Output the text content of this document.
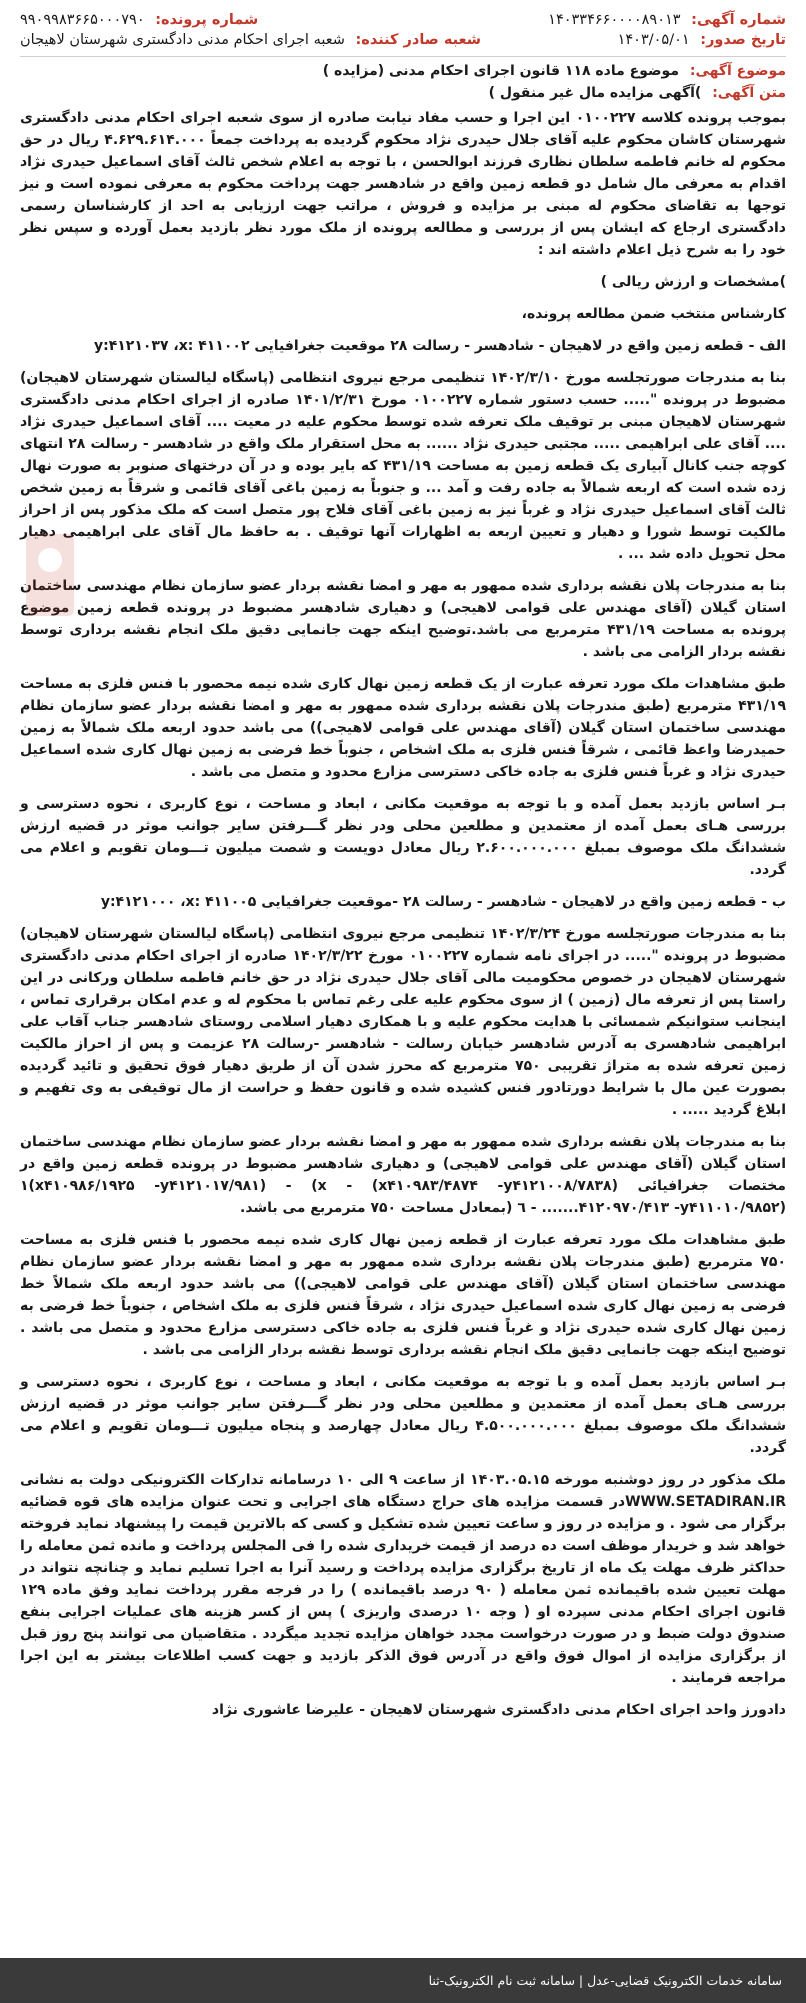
شماره آگهی: ۱۴۰۳۳۴۶۶۰۰۰۰۸۹۰۱۳
شماره پرونده: ۹۹۰۹۹۸۳۶۶۵۰۰۰۷۹۰
تاریخ صدور: ۱۴۰۳/۰۵/۰۱
شعبه صادر کننده: شعبه اجرای احکام مدنی دادگستری شهرستان لاهیجان
موضوع آگهی: موضوع ماده ۱۱۸ قانون اجرای احکام مدنی (مزایده )
متن آگهی: )آگهی مزایده مال غیر منقول )

بموجب پرونده کلاسه ۰۱۰۰۲۲۷ این اجرا و حسب مفاد نیابت صادره از سوی شعبه اجرای احکام مدنی دادگستری شهرستان کاشان محکوم علیه آقای جلال حیدری نژاد محکوم گردیده به پرداخت جمعاً ۴.۶۲۹.۶۱۴.۰۰۰ ریال در حق محکوم له خانم فاطمه سلطان نظاری فرزند ابوالحسن ، با توجه به اعلام شخص ثالث آقای اسماعیل حیدری نژاد اقدام به معرفی مال شامل دو قطعه زمین واقع در شادهسر جهت پرداخت محکوم به معرفی نموده است و نیز توجها به تقاضای محکوم له مبنی بر مزایده و فروش ، مراتب جهت ارزیابی به احد از کارشناسان رسمی دادگستری ارجاع که ایشان پس از بررسی و مطالعه پرونده از ملک مورد نظر بازدید بعمل آورده و سپس نظر خود را به شرح ذیل اعلام داشته اند :

)مشخصات و ارزش ریالی )

کارشناس منتخب ضمن مطالعه پرونده،

الف - قطعه زمین واقع در لاهیجان - شادهسر - رسالت ۲۸ موقعیت جغرافیایی y:۴۱۲۱۰۳۷ ،x: ۴۱۱۰۰۲

بنا به مندرجات صورتجلسه مورخ ۱۴۰۲/۳/۱۰ تنظیمی مرجع نیروی انتظامی (پاسگاه لیالستان شهرستان لاهیجان) مضبوط در پرونده "..... حسب دستور شماره ۰۱۰۰۲۲۷ مورخ ۱۴۰۱/۲/۳۱ صادره از اجرای احکام مدنی دادگستری شهرستان لاهیجان مبنی بر توقیف ملک تعرفه شده توسط محکوم علیه در معیت .... آقای اسماعیل حیدری نژاد .... آقای علی ابراهیمی ..... مجتبی حیدری نژاد ...... به محل استقرار ملک واقع در شادهسر - رسالت ۲۸ انتهای کوچه جنب کانال آبیاری یک قطعه زمین به مساحت ۴۳۱/۱۹ که بایر بوده و در آن درختهای صنوبر به صورت نهال زده شده است که اربعه شمالاً به جاده رفت و آمد ... و جنوباً به زمین باغی آقای قائمی و شرقاً به زمین شخص ثالث آقای اسماعیل حیدری نژاد و غرباً نیز به زمین باغی آقای فلاح پور متصل است که ملک مذکور پس از احراز مالکیت توسط شورا و دهیار و تعیین اربعه به اظهارات آنها توقیف . به حافظ مال آقای علی ابراهیمی دهیار محل تحویل داده شد ... .

بنا به مندرجات پلان نقشه برداری شده ممهور به مهر و امضا نقشه بردار عضو سازمان نظام مهندسی ساختمان استان گیلان (آقای مهندس علی قوامی لاهیجی) و دهیاری شادهسر مضبوط در پرونده قطعه زمین موضوع پرونده به مساحت ۴۳۱/۱۹ مترمربع می باشد.توضیح اینکه جهت جانمایی دقیق ملک انجام نقشه برداری توسط نقشه بردار الزامی می باشد .

طبق مشاهدات ملک مورد تعرفه عبارت از یک قطعه زمین نهال کاری شده نیمه محصور با فنس فلزی به مساحت ۴۳۱/۱۹ مترمربع (طبق مندرجات پلان نقشه برداری شده ممهور به مهر و امضا نقشه بردار عضو سازمان نظام مهندسی ساختمان استان گیلان (آقای مهندس علی قوامی لاهیجی)) می باشد حدود اربعه ملک شمالاً به زمین حمیدرضا واعظ قائمی ، شرقاً فنس فلزی به ملک اشخاص ، جنوباً خط فرضی به زمین نهال کاری شده اسماعیل حیدری نژاد و غرباً فنس فلزی به جاده خاکی دسترسی مزارع محدود و متصل می باشد .

بـر اساس بازدید بعمل آمده و با توجه به موقعیت مکانی ، ابعاد و مساحت ، نوع کاربری ، نحوه دسترسی و بررسی هـای بعمل آمده از معتمدین و مطلعین محلی ودر نظر گـــرفتن سایر جوانب موثر در قضیه ارزش ششدانگ ملک موصوف بمبلغ ۲.۶۰۰.۰۰۰.۰۰۰ ریال معادل دویست و شصت میلیون تـــومان تقویم و اعلام می گردد.

ب - قطعه زمین واقع در لاهیجان - شادهسر - رسالت ۲۸ -موقعیت جغرافیایی y:۴۱۲۱۰۰۰ ،x: ۴۱۱۰۰۵

بنا به مندرجات صورتجلسه مورخ ۱۴۰۲/۳/۲۴ تنظیمی مرجع نیروی انتظامی (پاسگاه لیالستان شهرستان لاهیجان) مضبوط در پرونده "..... در اجرای نامه شماره ۰۱۰۰۲۲۷ مورخ ۱۴۰۲/۳/۲۲ صادره از اجرای احکام مدنی دادگستری شهرستان لاهیجان در خصوص محکومیت مالی آقای جلال حیدری نژاد در حق خانم فاطمه سلطان ورکانی در این راستا پس از تعرفه مال (زمین ) از سوی محکوم علیه علی رغم تماس با محکوم له و عدم امکان برقراری تماس ، اینجانب ستوانیکم شمسائی با هدایت محکوم علیه و با همکاری دهیار اسلامی روستای شادهسر جناب آقاب علی ابراهیمی شادهسری به آدرس شادهسر خیابان رسالت - شادهسر -رسالت ۲۸ عزیمت و پس از احراز مالکیت زمین تعرفه شده به متراژ تقریبی ۷۵۰ مترمربع که محرز شدن آن از طریق دهیار فوق تحقیق و تائید گردیده بصورت عین مال با شرایط دورتادور فنس کشیده شده و قانون حفظ و حراست از مال توقیفی به وی تفهیم و ابلاغ گردید ..... .

بنا به مندرجات پلان نقشه برداری شده ممهور به مهر و امضا نقشه بردار عضو سازمان نظام مهندسی ساختمان استان گیلان (آقای مهندس علی قوامی لاهیجی) و دهیاری شادهسر مضبوط در پرونده قطعه زمین واقع در مختصات جغرافیائی (x۴۱۰۹۸۳/۴۸۷۴ -y۴۱۲۱۰۰۸/۷۸۳۸) - ۱(x۴۱۰۹۸۶/۱۹۲۵ -y۴۱۲۱۰۱۷/۹۸۱) - (x .......۴۱۲۰۹۷۰/۴۱۳ -y۴۱۱۰۱۰/۹۸۵۲) - ٦ (بمعادل مساحت ۷۵۰ مترمربع می باشد.

طبق مشاهدات ملک مورد تعرفه عبارت از قطعه زمین نهال کاری شده نیمه محصور با فنس فلزی به مساحت ۷۵۰ مترمربع (طبق مندرجات پلان نقشه برداری شده ممهور به مهر و امضا نقشه بردار عضو سازمان نظام مهندسی ساختمان استان گیلان (آقای مهندس علی قوامی لاهیجی)) می باشد حدود اربعه ملک شمالاً خط فرضی به زمین نهال کاری شده اسماعیل حیدری نژاد ، شرقاً فنس فلزی به ملک اشخاص ، جنوباً خط فرضی به زمین نهال کاری شده حیدری نژاد و غرباً فنس فلزی به جاده خاکی دسترسی مزارع محدود و متصل می باشد . توضیح اینکه جهت جانمایی دقیق ملک انجام نقشه برداری توسط نقشه بردار الزامی می باشد .

بـر اساس بازدید بعمل آمده و با توجه به موقعیت مکانی ، ابعاد و مساحت ، نوع کاربری ، نحوه دسترسی و بررسی هـای بعمل آمده از معتمدین و مطلعین محلی ودر نظر گـــرفتن سایر جوانب موثر در قضیه ارزش ششدانگ ملک موصوف بمبلغ ۴.۵۰۰.۰۰۰.۰۰۰ ریال معادل چهارصد و پنجاه میلیون تـــومان تقویم و اعلام می گردد.

ملک مذکور در روز دوشنبه مورخه ۱۴۰۳.۰۵.۱۵ از ساعت ۹ الی ۱۰ درسامانه تدارکات الکترونیکی دولت به نشانی WWW.SETADIRAN.IRدر قسمت مزایده های حراج دستگاه های اجرایی و تحت عنوان مزایده های قوه قضائیه برگزار می شود . و مزایده در روز و ساعت تعیین شده تشکیل و کسی که بالاترین قیمت را پیشنهاد نماید فروخته خواهد شد و خریدار موظف است ده درصد از قیمت خریداری شده را فی المجلس پرداخت و مانده ثمن معامله را حداکثر ظرف مهلت یک ماه از تاریخ برگزاری مزایده پرداخت و رسید آنرا به اجرا تسلیم نماید و چنانچه نتواند در مهلت تعیین شده باقیمانده ثمن معامله ( ۹۰ درصد باقیمانده ) را در فرجه مقرر پرداخت نماید وفق ماده ۱۲۹ قانون اجرای احکام مدنی سپرده او ( وجه ۱۰ درصدی واریزی ) پس از کسر هزینه های عملیات اجرایی بنفع صندوق دولت ضبط و در صورت درخواست مجدد خواهان مزایده تجدید میگردد . متقاضیان می توانند پنج روز قبل از برگزاری مزایده از اموال فوق واقع در آدرس فوق الذکر بازدید و جهت کسب اطلاعات بیشتر به این اجرا مراجعه فرمایند .

دادورز واحد اجرای احکام مدنی دادگستری شهرستان لاهیجان - علیرضا عاشوری نژاد

سامانه خدمات الکترونیک قضایی-عدل | سامانه ثبت نام الکترونیک-ثنا
